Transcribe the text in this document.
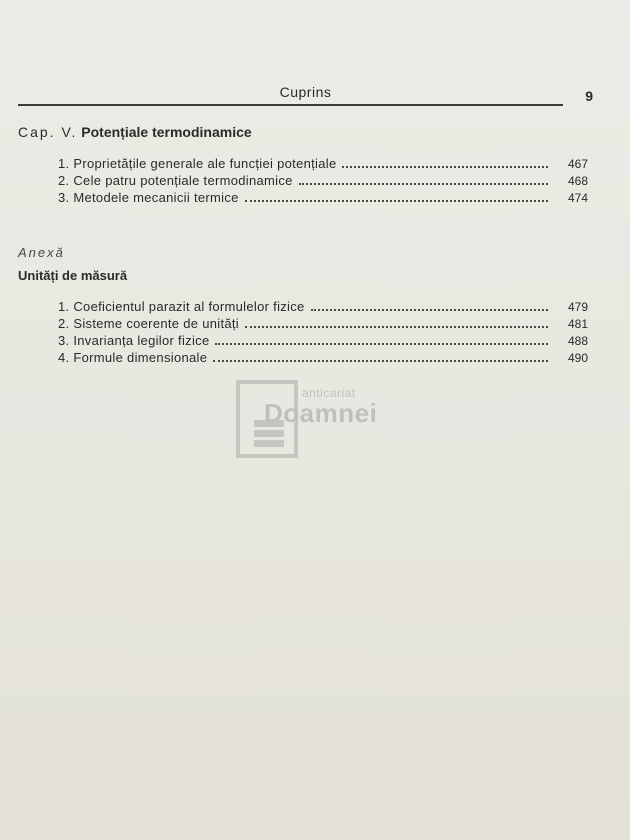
Cuprins	9
Cap. V. Potențiale termodinamice
1. Proprietățile generale ale funcției potențiale	467
2. Cele patru potențiale termodinamice	468
3. Metodele mecanicii termice	474
Anexă
Unități de măsură
1. Coeficientul parazit al formulelor fizice	479
2. Sisteme coerente de unități	481
3. Invarianța legilor fizice	488
4. Formule dimensionale	490
anticariat
Doamnei
